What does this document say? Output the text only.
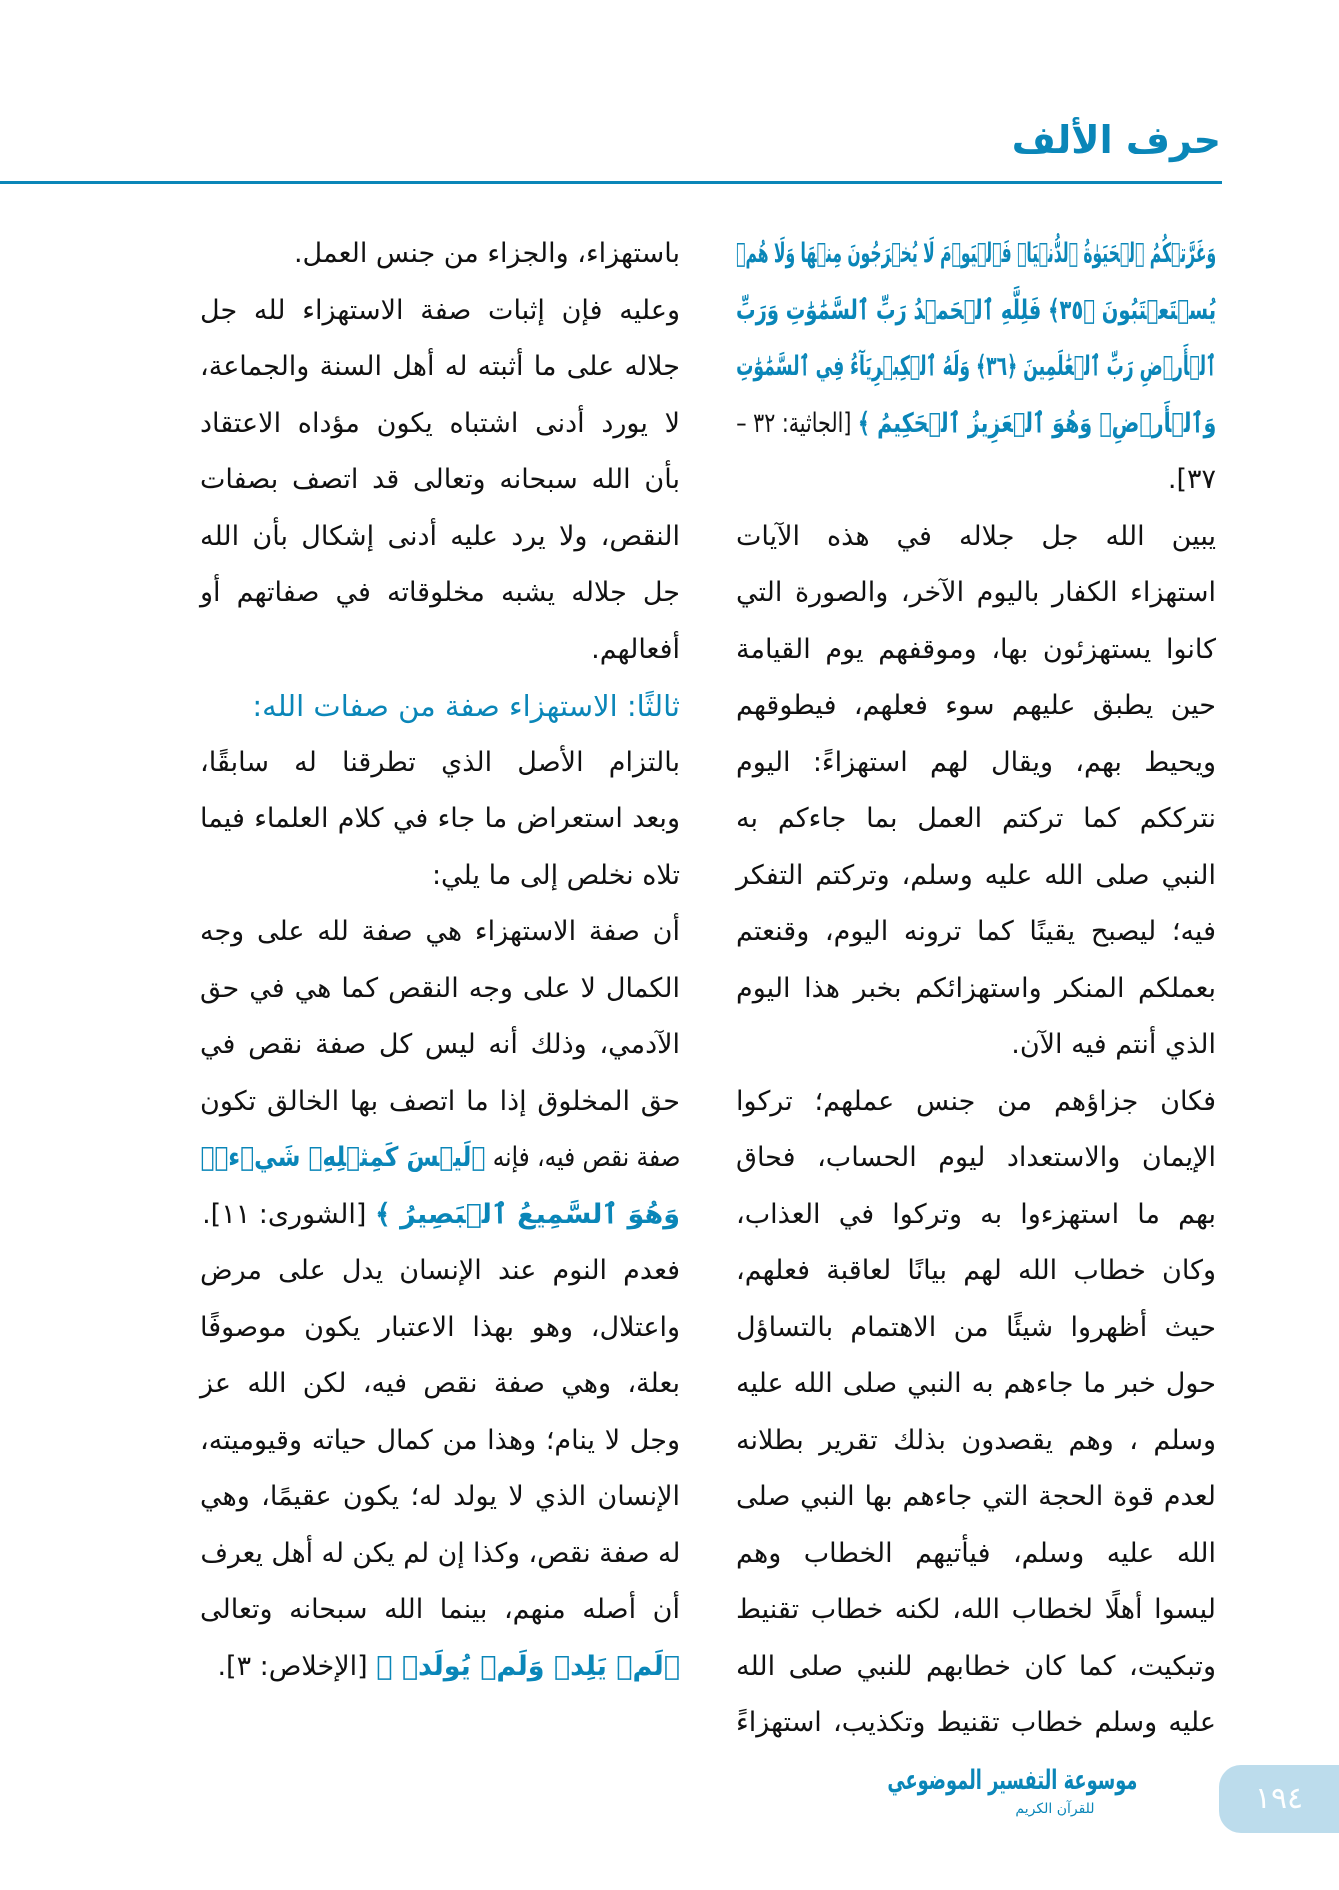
حرف الألف
وَغَرَّتۡكُمُ ٱلۡحَيَوٰةُ ٱلدُّنۡيَاۚ فَٱلۡيَوۡمَ لَا يُخۡرَجُونَ مِنۡهَا وَلَا هُمۡ
يُسۡتَعۡتَبُونَ ﴿٣٥﴾ فَلِلَّهِ ٱلۡحَمۡدُ رَبِّ ٱلسَّمَٰوَٰتِ وَرَبِّ
ٱلۡأَرۡضِ رَبِّ ٱلۡعَٰلَمِينَ ﴿٣٦﴾ وَلَهُ ٱلۡكِبۡرِيَآءُ فِي ٱلسَّمَٰوَٰتِ
وَٱلۡأَرۡضِۖ وَهُوَ ٱلۡعَزِيزُ ٱلۡحَكِيمُ ﴾ [الجاثية: ٣٢ –
٣٧].
يبين الله جل جلاله في هذه الآيات
استهزاء الكفار باليوم الآخر، والصورة التي
كانوا يستهزئون بها، وموقفهم يوم القيامة
حين يطبق عليهم سوء فعلهم، فيطوقهم
ويحيط بهم، ويقال لهم استهزاءً: اليوم
نترككم كما تركتم العمل بما جاءكم به
النبي صلى الله عليه وسلم، وتركتم التفكر
فيه؛ ليصبح يقينًا كما ترونه اليوم، وقنعتم
بعملكم المنكر واستهزائكم بخبر هذا اليوم
الذي أنتم فيه الآن.
فكان جزاؤهم من جنس عملهم؛ تركوا
الإيمان والاستعداد ليوم الحساب، فحاق
بهم ما استهزءوا به وتركوا في العذاب،
وكان خطاب الله لهم بيانًا لعاقبة فعلهم،
حيث أظهروا شيئًا من الاهتمام بالتساؤل
حول خبر ما جاءهم به النبي صلى الله عليه
وسلم ، وهم يقصدون بذلك تقرير بطلانه
لعدم قوة الحجة التي جاءهم بها النبي صلى
الله عليه وسلم، فيأتيهم الخطاب وهم
ليسوا أهلًا لخطاب الله، لكنه خطاب تقنيط
وتبكيت، كما كان خطابهم للنبي صلى الله
عليه وسلم خطاب تقنيط وتكذيب، استهزاءً
باستهزاء، والجزاء من جنس العمل.
وعليه فإن إثبات صفة الاستهزاء لله جل
جلاله على ما أثبته له أهل السنة والجماعة،
لا يورد أدنى اشتباه يكون مؤداه الاعتقاد
بأن الله سبحانه وتعالى قد اتصف بصفات
النقص، ولا يرد عليه أدنى إشكال بأن الله
جل جلاله يشبه مخلوقاته في صفاتهم أو
أفعالهم.
ثالثًا: الاستهزاء صفة من صفات الله:
بالتزام الأصل الذي تطرقنا له سابقًا،
وبعد استعراض ما جاء في كلام العلماء فيما
تلاه نخلص إلى ما يلي:
أن صفة الاستهزاء هي صفة لله على وجه
الكمال لا على وجه النقص كما هي في حق
الآدمي، وذلك أنه ليس كل صفة نقص في
حق المخلوق إذا ما اتصف بها الخالق تكون
صفة نقص فيه، فإنه ﴿لَيۡسَ كَمِثۡلِهِۦ شَيۡءٞۖ
وَهُوَ ٱلسَّمِيعُ ٱلۡبَصِيرُ ﴾ [الشورى: ١١].
فعدم النوم عند الإنسان يدل على مرض
واعتلال، وهو بهذا الاعتبار يكون موصوفًا
بعلة، وهي صفة نقص فيه، لكن الله عز
وجل لا ينام؛ وهذا من كمال حياته وقيوميته،
الإنسان الذي لا يولد له؛ يكون عقيمًا، وهي
له صفة نقص، وكذا إن لم يكن له أهل يعرف
أن أصله منهم، بينما الله سبحانه وتعالى
﴿لَمۡ يَلِدۡ وَلَمۡ يُولَدۡ ﴾ [الإخلاص: ٣].
موسوعة التفسير الموضوعي
للقرآن الكريم	١٩٤
